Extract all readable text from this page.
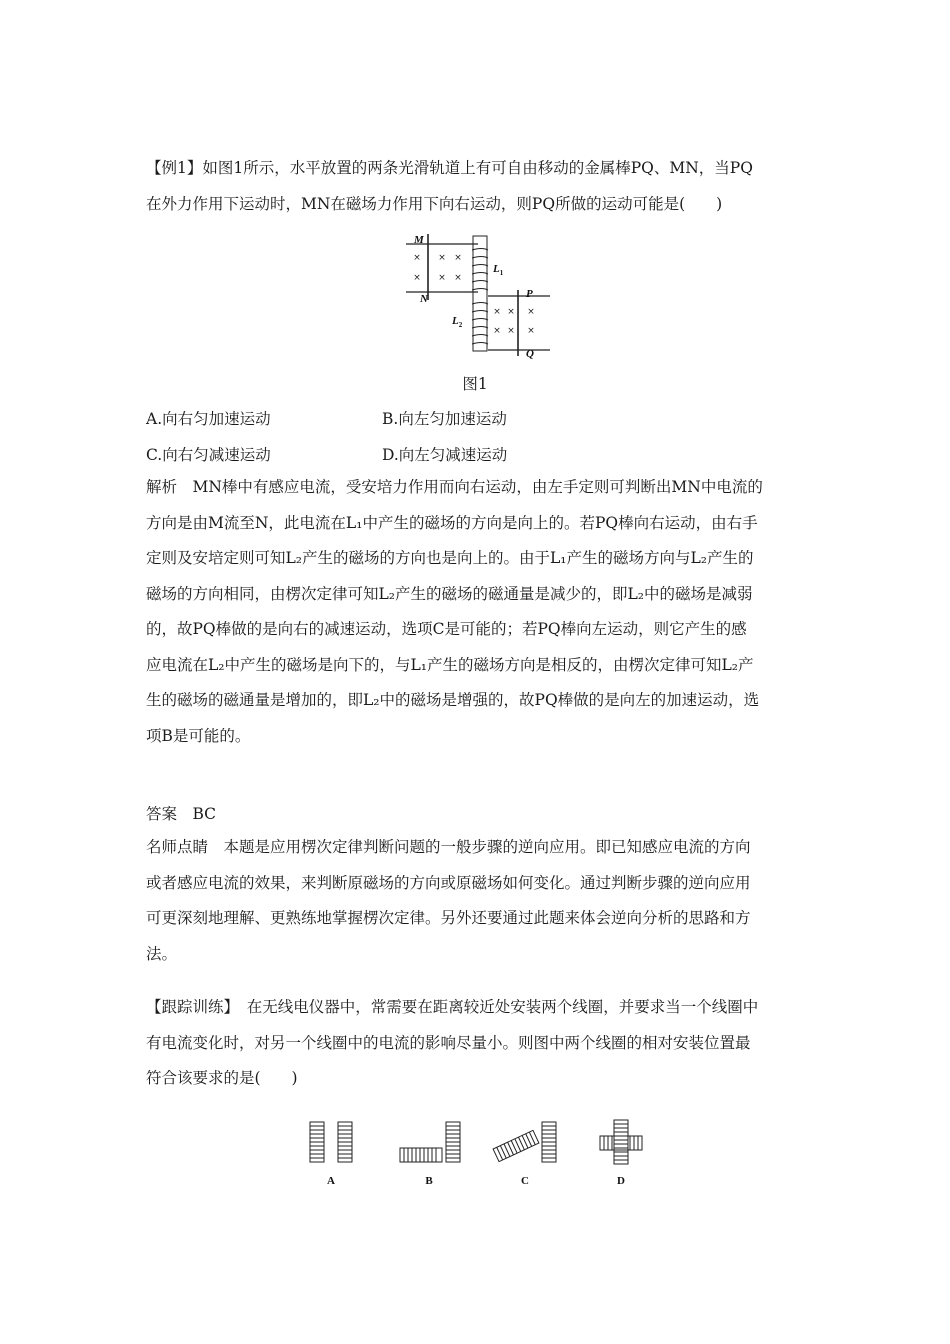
【例1】如图1所示，水平放置的两条光滑轨道上有可自由移动的金属棒PQ、MN，当PQ
在外力作用下运动时，MN在磁场力作用下向右运动，则PQ所做的运动可能是(　　)
× × ×
× × ×
× × ×
× × ×
M
N	P
Q
$L_1$
$L_2$
图1
A.向右匀加速运动	B.向左匀加速运动
C.向右匀减速运动	D.向左匀减速运动
解析　MN棒中有感应电流，受安培力作用而向右运动，由左手定则可判断出MN中电流的
方向是由M流至N，此电流在L₁中产生的磁场的方向是向上的。若PQ棒向右运动，由右手
定则及安培定则可知L₂产生的磁场的方向也是向上的。由于L₁产生的磁场方向与L₂产生的
磁场的方向相同，由楞次定律可知L₂产生的磁场的磁通量是减少的，即L₂中的磁场是减弱
的，故PQ棒做的是向右的减速运动，选项C是可能的；若PQ棒向左运动，则它产生的感
应电流在L₂中产生的磁场是向下的，与L₁产生的磁场方向是相反的，由楞次定律可知L₂产
生的磁场的磁通量是增加的，即L₂中的磁场是增强的，故PQ棒做的是向左的加速运动，选
项B是可能的。
答案　BC
名师点睛　本题是应用楞次定律判断问题的一般步骤的逆向应用。即已知感应电流的方向
或者感应电流的效果，来判断原磁场的方向或原磁场如何变化。通过判断步骤的逆向应用
可更深刻地理解、更熟练地掌握楞次定律。另外还要通过此题来体会逆向分析的思路和方
法。
【跟踪训练】　在无线电仪器中，常需要在距离较近处安装两个线圈，并要求当一个线圈中
有电流变化时，对另一个线圈中的电流的影响尽量小。则图中两个线圈的相对安装位置最
符合该要求的是(　　)
A	B	C	D
